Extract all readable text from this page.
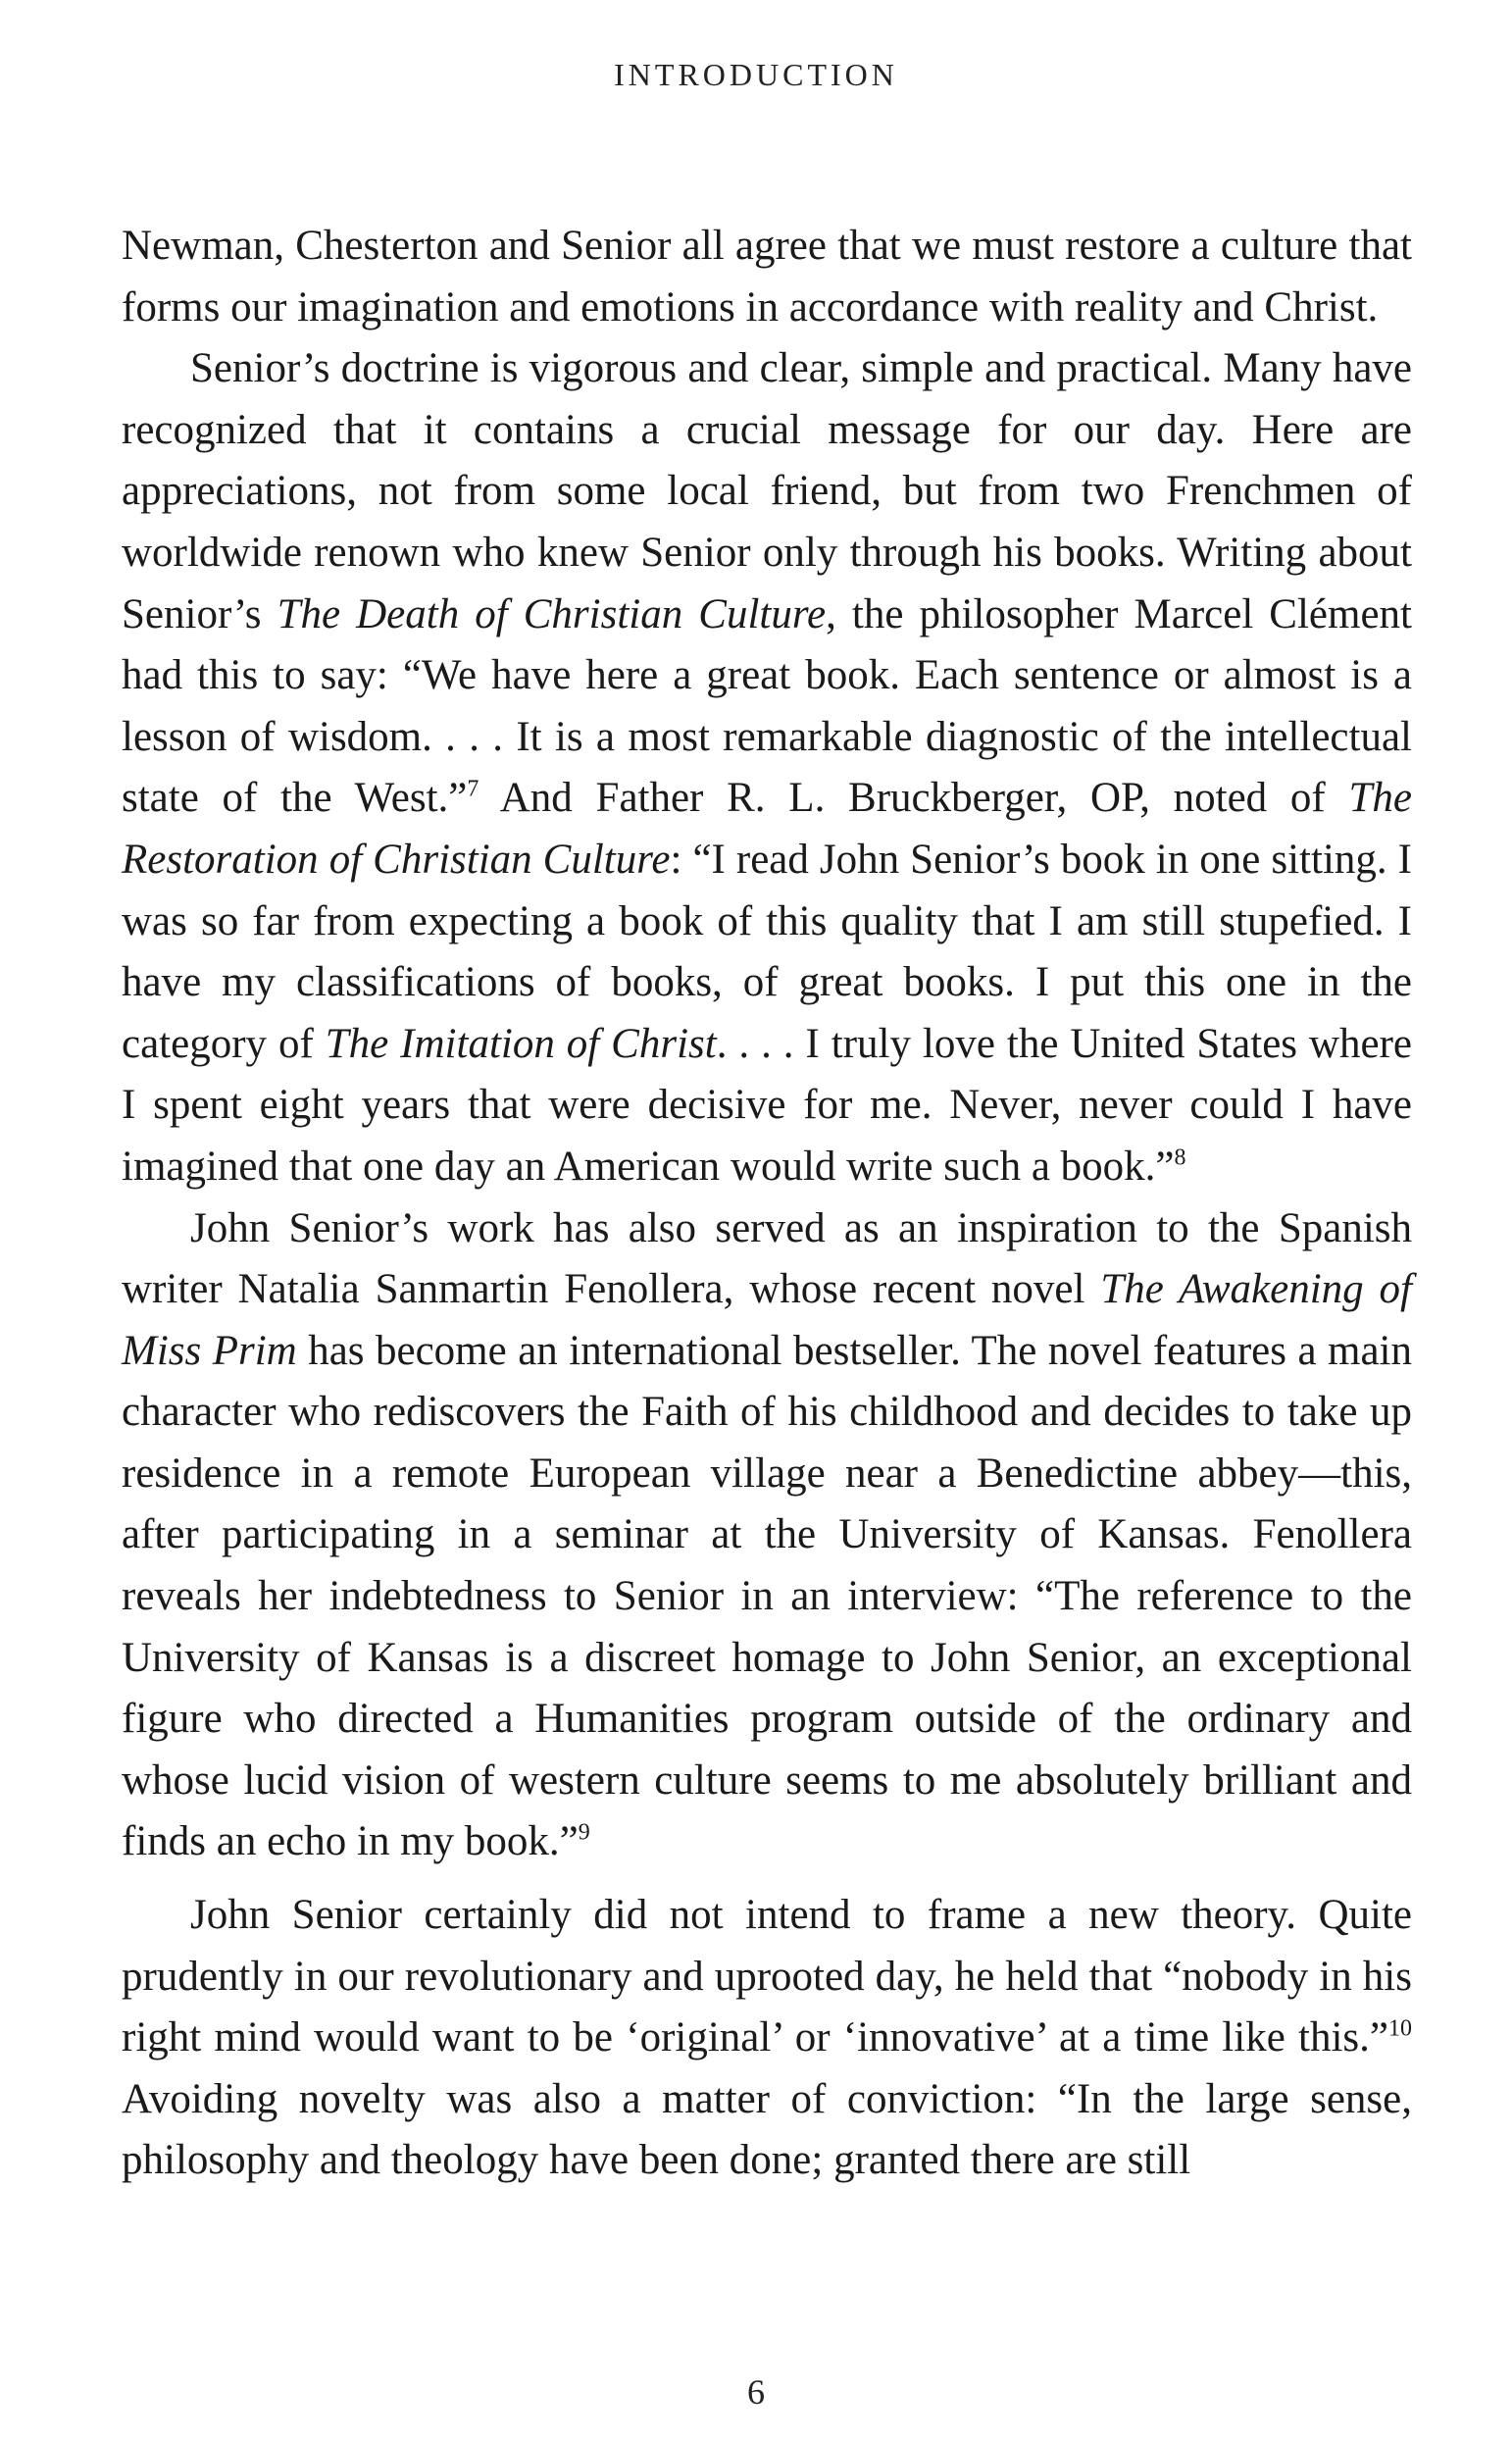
INTRODUCTION

Newman, Chesterton and Senior all agree that we must restore a culture that forms our imagination and emotions in accordance with reality and Christ.

Senior’s doctrine is vigorous and clear, simple and practical. Many have recognized that it contains a crucial message for our day. Here are appreciations, not from some local friend, but from two Frenchmen of worldwide renown who knew Senior only through his books. Writing about Senior’s The Death of Christian Culture, the philosopher Marcel Clément had this to say: “We have here a great book. Each sentence or almost is a lesson of wisdom. . . . It is a most remarkable diagnostic of the intellectual state of the West.”$^7$ And Father R. L. Bruckberger, OP, noted of The Restoration of Christian Culture: “I read John Senior’s book in one sitting. I was so far from expecting a book of this quality that I am still stupefied. I have my classifications of books, of great books. I put this one in the category of The Imitation of Christ. . . . I truly love the United States where I spent eight years that were decisive for me. Never, never could I have imagined that one day an American would write such a book.”$^8$

John Senior’s work has also served as an inspiration to the Spanish writer Natalia Sanmartin Fenollera, whose recent novel The Awakening of Miss Prim has become an international bestseller. The novel features a main character who rediscovers the Faith of his childhood and decides to take up residence in a remote European village near a Benedictine abbey—this, after participating in a seminar at the University of Kansas. Fenollera reveals her indebtedness to Senior in an interview: “The reference to the University of Kansas is a discreet homage to John Senior, an exceptional figure who directed a Humanities program outside of the ordinary and whose lucid vision of western culture seems to me absolutely brilliant and finds an echo in my book.”$^9$

John Senior certainly did not intend to frame a new theory. Quite prudently in our revolutionary and uprooted day, he held that “nobody in his right mind would want to be ‘original’ or ‘innovative’ at a time like this.”$^{10}$ Avoiding novelty was also a matter of conviction: “In the large sense, philosophy and theology have been done; granted there are still

6
